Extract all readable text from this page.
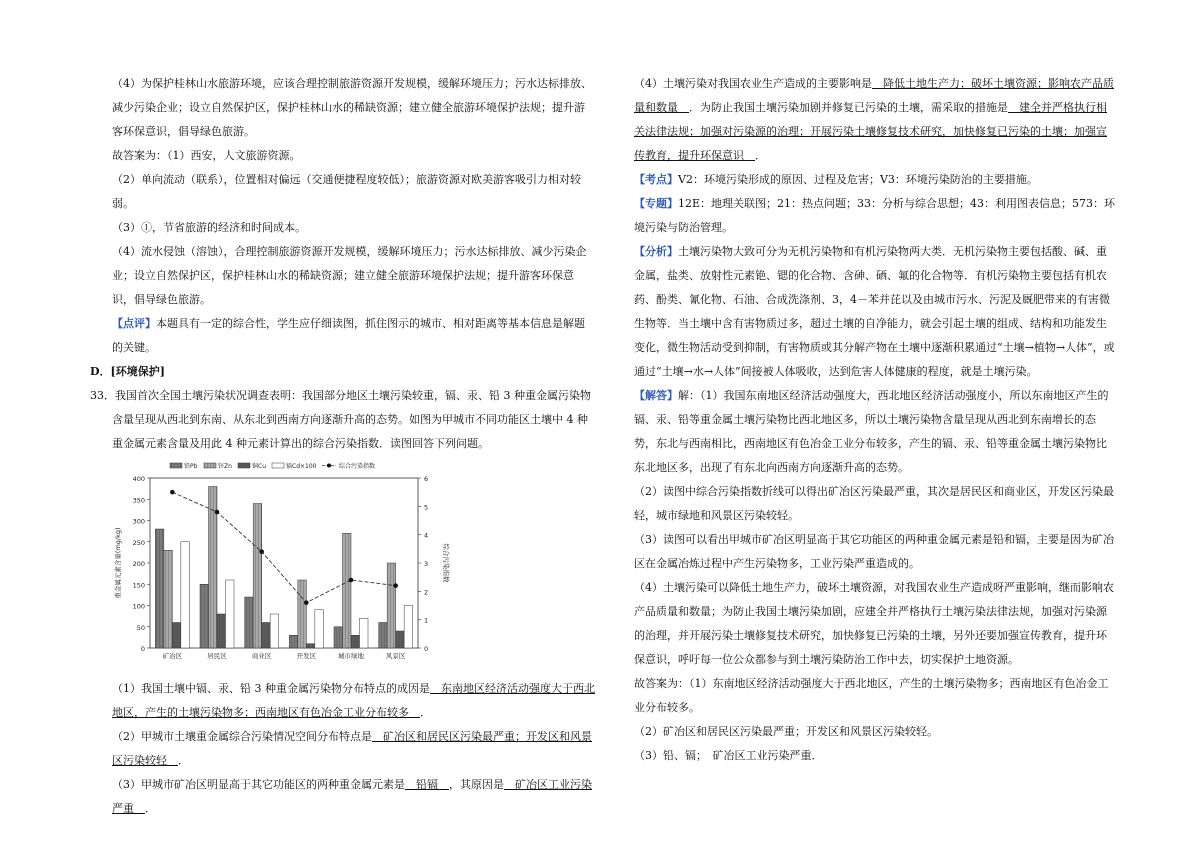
（4）为保护桂林山水旅游环境，应该合理控制旅游资源开发规模，缓解环境压力；污水达标排放、减少污染企业；设立自然保护区，保护桂林山水的稀缺资源；建立健全旅游环境保护法规；提升游客环保意识，倡导绿色旅游。

故答案为：（1）西安，人文旅游资源。

（2）单向流动（联系），位置相对偏远（交通便捷程度较低）；旅游资源对欧美游客吸引力相对较弱。

（3）①，节省旅游的经济和时间成本。

（4）流水侵蚀（溶蚀），合理控制旅游资源开发规模，缓解环境压力；污水达标排放、减少污染企业；设立自然保护区，保护桂林山水的稀缺资源；建立健全旅游环境保护法规；提升游客环保意识，倡导绿色旅游。

【点评】本题具有一定的综合性，学生应仔细读图，抓住图示的城市、相对距离等基本信息是解题的关键。

D．[环境保护]

33．我国首次全国土壤污染状况调查表明：我国部分地区土壤污染较重，镉、汞、铅 3 种重金属污染物含量呈现从西北到东南、从东北到西南方向逐渐升高的态势。如图为甲城市不同功能区土壤中 4 种重金属元素含量及用此 4 种元素计算出的综合污染指数．读图回答下列问题。

0
50
100
150
200
250
300
350
400
0
1
2
3
4
5
6
重金属元素含量(mg/kg)	综合污染指数
矿冶区	居民区	商业区	开发区	城市绿地	风景区
铅Pb	锌Zn	铜Cu	镉Cd×100	综合污染指数

（1）我国土壤中镉、汞、铅 3 种重金属污染物分布特点的成因是　东南地区经济活动强度大于西北地区，产生的土壤污染物多；西南地区有色冶金工业分布较多　．

（2）甲城市土壤重金属综合污染情况空间分布特点是　矿冶区和居民区污染最严重；开发区和风景区污染较轻　．

（3）甲城市矿冶区明显高于其它功能区的两种重金属元素是　铅镉　，其原因是　矿冶区工业污染严重　．

（4）土壤污染对我国农业生产造成的主要影响是　降低土地生产力；破坏土壤资源；影响农产品质量和数量　．为防止我国土壤污染加剧并修复已污染的土壤，需采取的措施是　建全并严格执行相关法律法规；加强对污染源的治理；开展污染土壤修复技术研究，加快修复已污染的土壤；加强宣传教育，提升环保意识　．

【考点】V2：环境污染形成的原因、过程及危害；V3：环境污染防治的主要措施。

【专题】12E：地理关联图；21：热点问题；33：分析与综合思想；43：利用图表信息；573：环境污染与防治管理。

【分析】土壤污染物大致可分为无机污染物和有机污染物两大类．无机污染物主要包括酸、碱、重金属，盐类、放射性元素铯、锶的化合物、含砷、硒、氟的化合物等．有机污染物主要包括有机农药、酚类、氰化物、石油、合成洗涤剂、3，4－苯并芘以及由城市污水、污泥及厩肥带来的有害微生物等．当土壤中含有害物质过多，超过土壤的自净能力，就会引起土壤的组成、结构和功能发生变化，微生物活动受到抑制，有害物质或其分解产物在土壤中逐渐积累通过“土壤→植物→人体”，或通过“土壤→水→人体”间接被人体吸收，达到危害人体健康的程度，就是土壤污染。

【解答】解：（1）我国东南地区经济活动强度大，西北地区经济活动强度小，所以东南地区产生的镉、汞、铅等重金属土壤污染物比西北地区多，所以土壤污染物含量呈现从西北到东南增长的态势，东北与西南相比，西南地区有色冶金工业分布较多，产生的镉、汞、铅等重金属土壤污染物比东北地区多，出现了有东北向西南方向逐渐升高的态势。

（2）读图中综合污染指数折线可以得出矿冶区污染最严重，其次是居民区和商业区，开发区污染最轻，城市绿地和风景区污染较轻。

（3）读图可以看出甲城市矿冶区明显高于其它功能区的两种重金属元素是铅和镉，主要是因为矿冶区在金属冶炼过程中产生污染物多，工业污染严重造成的。

（4）土壤污染可以降低土地生产力，破坏土壤资源，对我国农业生产造成呀严重影响，继而影响农产品质量和数量；为防止我国土壤污染加剧，应建全并严格执行土壤污染法律法规，加强对污染源的治理，并开展污染土壤修复技术研究，加快修复已污染的土壤，另外还要加强宣传教育，提升环保意识，呼吁每一位公众都参与到土壤污染防治工作中去，切实保护土地资源。

故答案为：（1）东南地区经济活动强度大于西北地区，产生的土壤污染物多；西南地区有色冶金工业分布较多。

（2）矿冶区和居民区污染最严重；开发区和风景区污染较轻。

（3）铅、镉；　矿冶区工业污染严重．
